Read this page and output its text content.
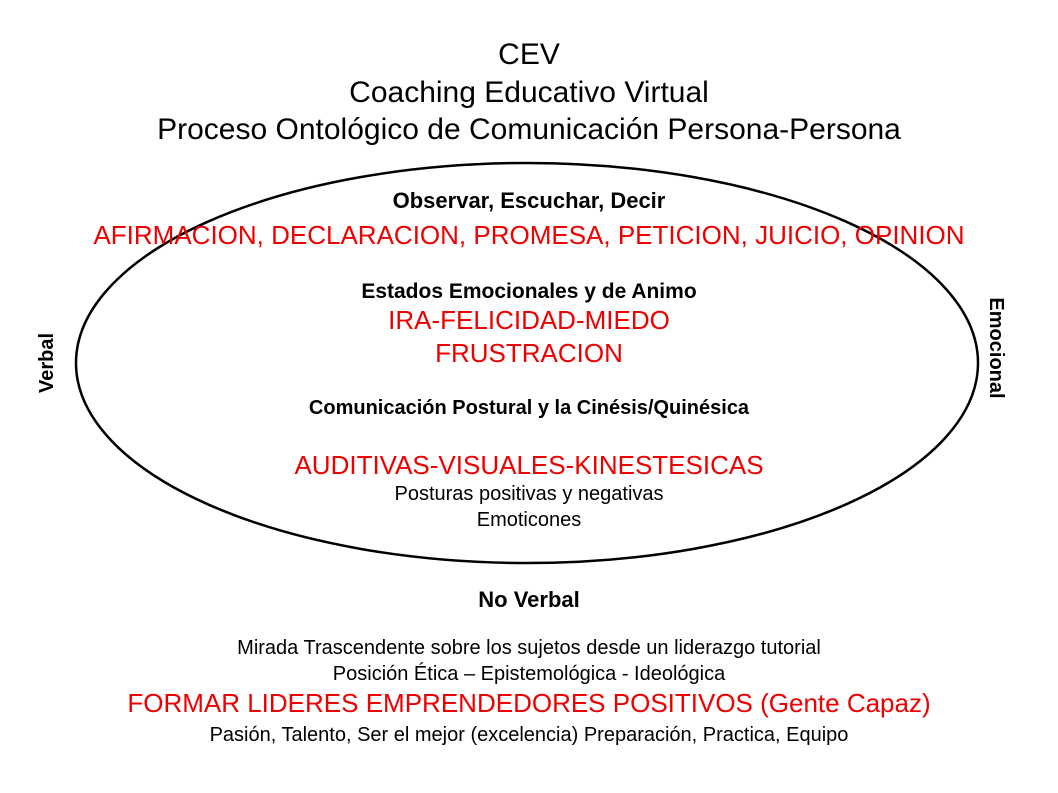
CEV
Coaching Educativo Virtual
Proceso Ontológico de Comunicación Persona-Persona
Observar, Escuchar, Decir
AFIRMACION, DECLARACION, PROMESA, PETICION, JUICIO, OPINION
Estados Emocionales y de Animo
IRA-FELICIDAD-MIEDO
FRUSTRACION
Comunicación Postural y la Cinésis/Quinésica
AUDITIVAS-VISUALES-KINESTESICAS
Posturas positivas y negativas
Emoticones
Verbal	Emocional
No Verbal
Mirada Trascendente sobre los sujetos desde un liderazgo tutorial
Posición Ética – Epistemológica - Ideológica
FORMAR LIDERES EMPRENDEDORES POSITIVOS (Gente Capaz)
Pasión, Talento, Ser el mejor (excelencia) Preparación, Practica, Equipo
